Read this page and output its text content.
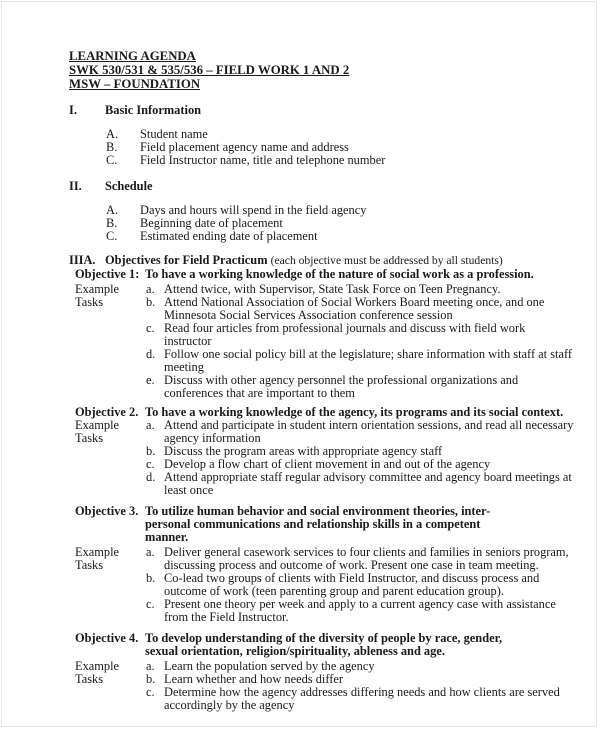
LEARNING AGENDA
SWK 530/531 & 535/536 – FIELD WORK 1 AND 2
MSW – FOUNDATION
I.	Basic Information
A.	Student name
B.	Field placement agency name and address
C.	Field Instructor name, title and telephone number
II.	Schedule
A.	Days and hours will spend in the field agency
B.	Beginning date of placement
C.	Estimated ending date of placement
IIIA. Objectives for Field Practicum (each objective must be addressed by all students)
Objective 1: To have a working knowledge of the nature of social work as a profession.
Example
Tasks
a. Attend twice, with Supervisor, State Task Force on Teen Pregnancy.
b. Attend National Association of Social Workers Board meeting once, and one Minnesota Social Services Association conference session
c. Read four articles from professional journals and discuss with field work instructor
d. Follow one social policy bill at the legislature; share information with staff at staff meeting
e. Discuss with other agency personnel the professional organizations and conferences that are important to them
Objective 2. To have a working knowledge of the agency, its programs and its social context.
Example
Tasks
a. Attend and participate in student intern orientation sessions, and read all necessary agency information
b. Discuss the program areas with appropriate agency staff
c. Develop a flow chart of client movement in and out of the agency
d. Attend appropriate staff regular advisory committee and agency board meetings at least once
Objective 3. To utilize human behavior and social environment theories, inter-personal communications and relationship skills in a competent manner.
Example
Tasks
a. Deliver general casework services to four clients and families in seniors program, discussing process and outcome of work. Present one case in team meeting.
b. Co-lead two groups of clients with Field Instructor, and discuss process and outcome of work (teen parenting group and parent education group).
c. Present one theory per week and apply to a current agency case with assistance from the Field Instructor.
Objective 4. To develop understanding of the diversity of people by race, gender, sexual orientation, religion/spirituality, ableness and age.
Example
Tasks
a. Learn the population served by the agency
b. Learn whether and how needs differ
c. Determine how the agency addresses differing needs and how clients are served accordingly by the agency
